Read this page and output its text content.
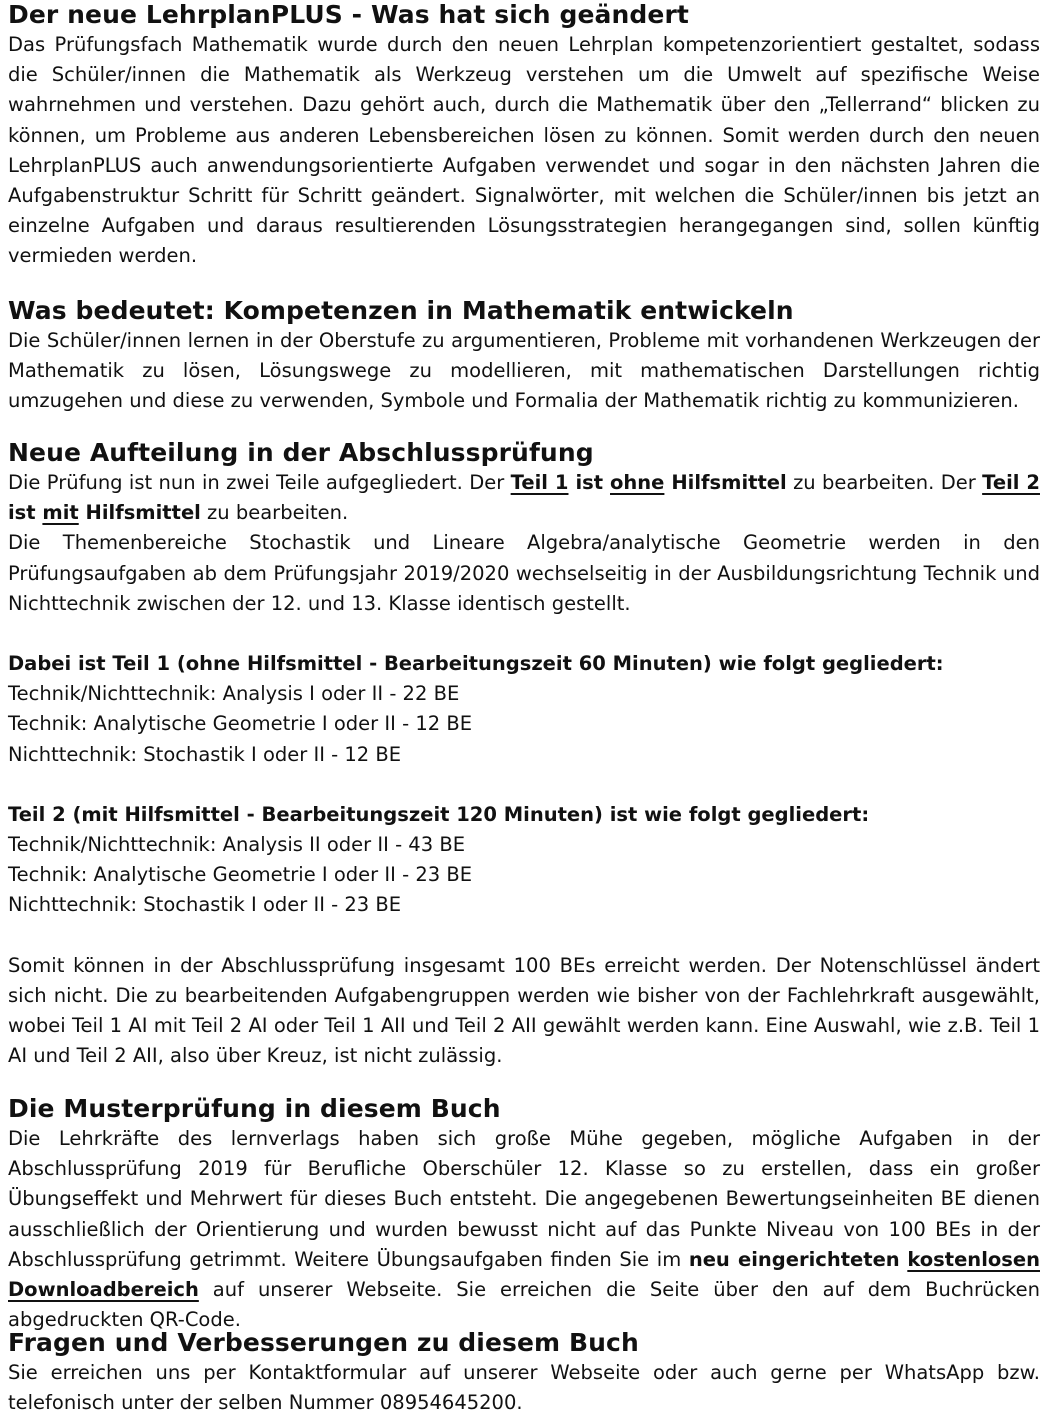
Der neue LehrplanPLUS - Was hat sich geändert

Das Prüfungsfach Mathematik wurde durch den neuen Lehrplan kompetenzorientiert gestaltet, sodass die Schüler/innen die Mathematik als Werkzeug verstehen um die Umwelt auf spezifische Weise wahrnehmen und verstehen. Dazu gehört auch, durch die Mathematik über den „Tellerrand“ blicken zu können, um Probleme aus anderen Lebensbereichen lösen zu können. Somit werden durch den neuen LehrplanPLUS auch anwendungsorientierte Aufgaben verwendet und sogar in den nächsten Jahren die Aufgabenstruktur Schritt für Schritt geändert. Signalwörter, mit welchen die Schüler/innen bis jetzt an einzelne Aufgaben und daraus resultierenden Lösungsstrategien herangegangen sind, sollen künftig vermieden werden.

Was bedeutet: Kompetenzen in Mathematik entwickeln

Die Schüler/innen lernen in der Oberstufe zu argumentieren, Probleme mit vorhandenen Werkzeugen der Mathematik zu lösen, Lösungswege zu modellieren, mit mathematischen Darstellungen richtig umzugehen und diese zu verwenden, Symbole und Formalia der Mathematik richtig zu kommunizieren.

Neue Aufteilung in der Abschlussprüfung

Die Prüfung ist nun in zwei Teile aufgegliedert. Der Teil 1 ist ohne Hilfsmittel zu bearbeiten. Der Teil 2 ist mit Hilfsmittel zu bearbeiten.

Die Themenbereiche Stochastik und Lineare Algebra/analytische Geometrie werden in den Prüfungsaufgaben ab dem Prüfungsjahr 2019/2020 wechselseitig in der Ausbildungsrichtung Technik und Nichttechnik zwischen der 12. und 13. Klasse identisch gestellt.

Dabei ist Teil 1 (ohne Hilfsmittel - Bearbeitungszeit 60 Minuten) wie folgt gegliedert:
Technik/Nichttechnik: Analysis I oder II - 22 BE
Technik: Analytische Geometrie I oder II - 12 BE
Nichttechnik: Stochastik I oder II - 12 BE
Teil 2 (mit Hilfsmittel - Bearbeitungszeit 120 Minuten) ist wie folgt gegliedert:
Technik/Nichttechnik: Analysis II oder II - 43 BE
Technik: Analytische Geometrie I oder II - 23 BE
Nichttechnik: Stochastik I oder II - 23 BE

Somit können in der Abschlussprüfung insgesamt 100 BEs erreicht werden. Der Notenschlüssel ändert sich nicht. Die zu bearbeitenden Aufgabengruppen werden wie bisher von der Fachlehrkraft ausgewählt, wobei Teil 1 AI mit Teil 2 AI oder Teil 1 AII und Teil 2 AII gewählt werden kann. Eine Auswahl, wie z.B. Teil 1 AI und Teil 2 AII, also über Kreuz, ist nicht zulässig.

Die Musterprüfung in diesem Buch

Die Lehrkräfte des lernverlags haben sich große Mühe gegeben, mögliche Aufgaben in der Abschlussprüfung 2019 für Berufliche Oberschüler 12. Klasse so zu erstellen, dass ein großer Übungseffekt und Mehrwert für dieses Buch entsteht. Die angegebenen Bewertungseinheiten BE dienen ausschließlich der Orientierung und wurden bewusst nicht auf das Punkte Niveau von 100 BEs in der Abschlussprüfung getrimmt. Weitere Übungsaufgaben finden Sie im neu eingerichteten kostenlosen Downloadbereich auf unserer Webseite. Sie erreichen die Seite über den auf dem Buchrücken abgedruckten QR-Code.

Fragen und Verbesserungen zu diesem Buch

Sie erreichen uns per Kontaktformular auf unserer Webseite oder auch gerne per WhatsApp bzw. telefonisch unter der selben Nummer 08954645200.
